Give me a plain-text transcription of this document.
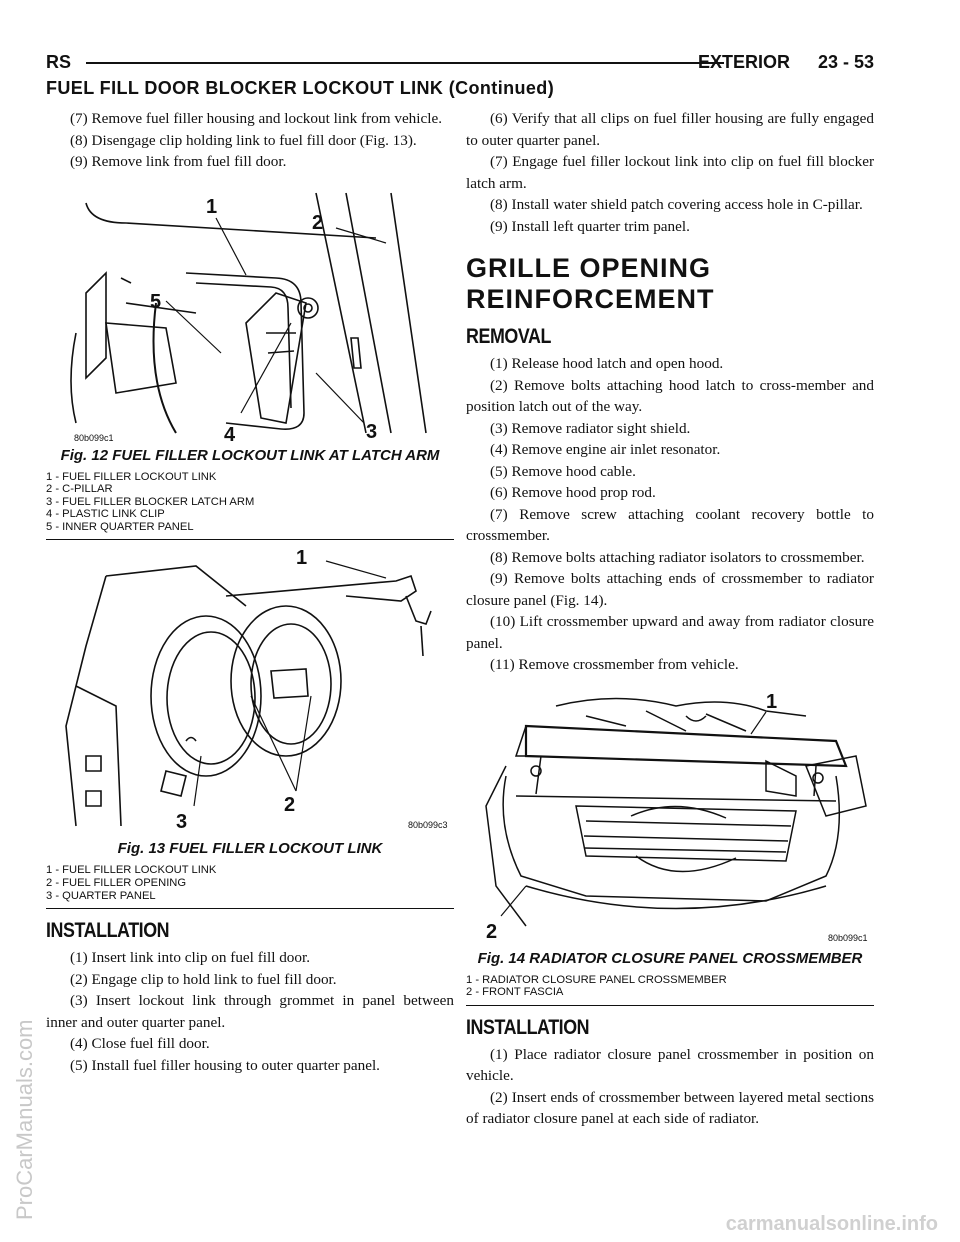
RS	EXTERIOR 23 - 53
FUEL FILL DOOR BLOCKER LOCKOUT LINK (Continued)

(7) Remove fuel filler housing and lockout link from vehicle.

(8) Disengage clip holding link to fuel fill door (Fig. 13).

(9) Remove link from fuel fill door.

1
2
3
4
5
80b099c1
Fig. 12 FUEL FILLER LOCKOUT LINK AT LATCH ARM
1 - FUEL FILLER LOCKOUT LINK
2 - C-PILLAR
3 - FUEL FILLER BLOCKER LATCH ARM
4 - PLASTIC LINK CLIP
5 - INNER QUARTER PANEL
1
2
3	80b099c3
Fig. 13 FUEL FILLER LOCKOUT LINK
1 - FUEL FILLER LOCKOUT LINK
2 - FUEL FILLER OPENING
3 - QUARTER PANEL
INSTALLATION

(1) Insert link into clip on fuel fill door.

(2) Engage clip to hold link to fuel fill door.

(3) Insert lockout link through grommet in panel between inner and outer quarter panel.

(4) Close fuel fill door.

(5) Install fuel filler housing to outer quarter panel.

(6) Verify that all clips on fuel filler housing are fully engaged to outer quarter panel.

(7) Engage fuel filler lockout link into clip on fuel fill blocker latch arm.

(8) Install water shield patch covering access hole in C-pillar.

(9) Install left quarter trim panel.

GRILLE OPENING REINFORCEMENT
REMOVAL

(1) Release hood latch and open hood.

(2) Remove bolts attaching hood latch to cross-member and position latch out of the way.

(3) Remove radiator sight shield.

(4) Remove engine air inlet resonator.

(5) Remove hood cable.

(6) Remove hood prop rod.

(7) Remove screw attaching coolant recovery bottle to crossmember.

(8) Remove bolts attaching radiator isolators to crossmember.

(9) Remove bolts attaching ends of crossmember to radiator closure panel (Fig. 14).

(10) Lift crossmember upward and away from radiator closure panel.

(11) Remove crossmember from vehicle.

1
2	80b099c1
Fig. 14 RADIATOR CLOSURE PANEL CROSSMEMBER
1 - RADIATOR CLOSURE PANEL CROSSMEMBER
2 - FRONT FASCIA
INSTALLATION

(1) Place radiator closure panel crossmember in position on vehicle.

(2) Insert ends of crossmember between layered metal sections of radiator closure panel at each side of radiator.

ProCarManuals.com
carmanualsonline.info
